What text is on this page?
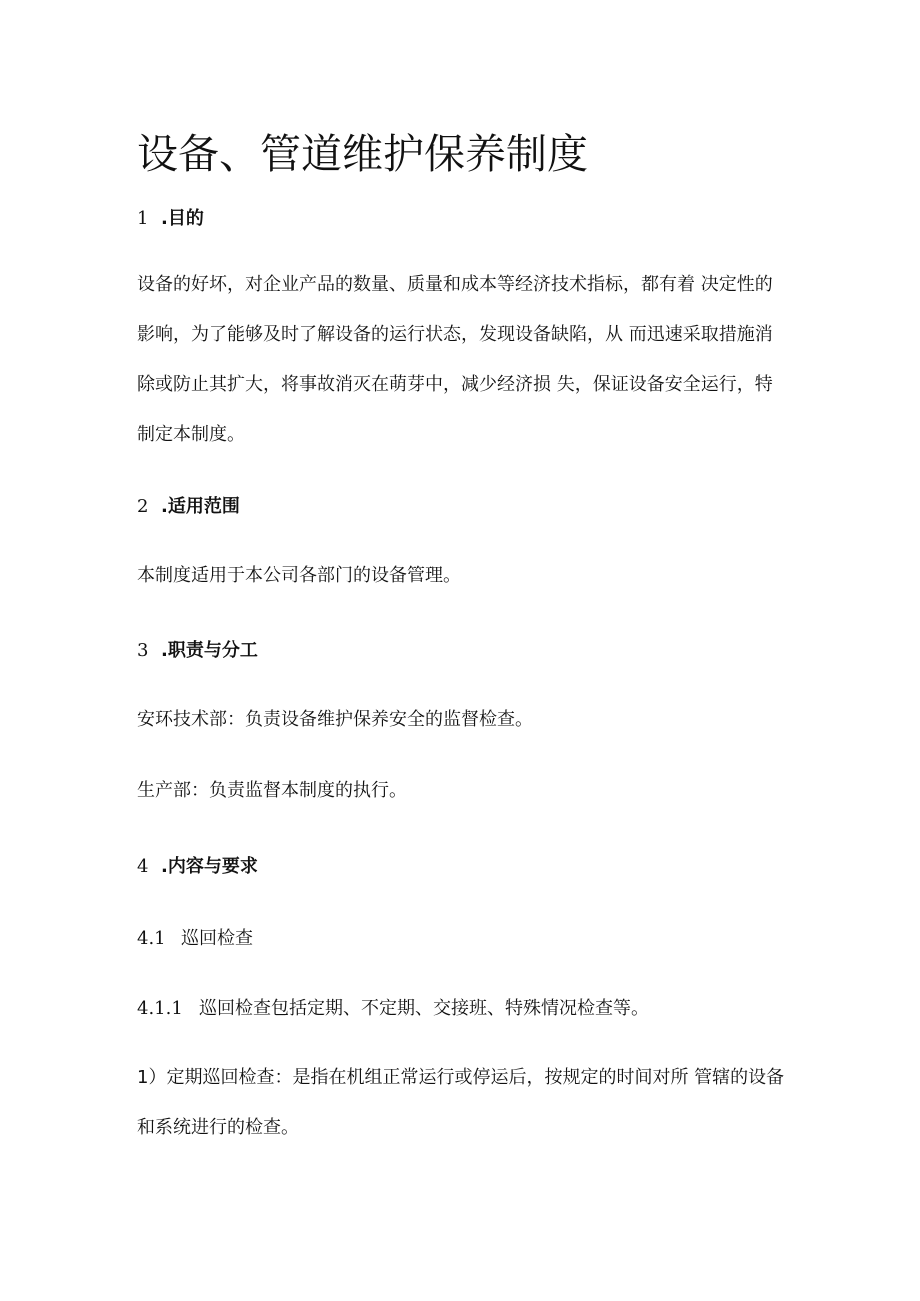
设备、管道维护保养制度
1 .目的

设备的好坏，对企业产品的数量、质量和成本等经济技术指标，都有着 决定性的影响，为了能够及时了解设备的运行状态，发现设备缺陷，从 而迅速采取措施消除或防止其扩大，将事故消灭在萌芽中，减少经济损 失，保证设备安全运行，特制定本制度。

2 .适用范围
本制度适用于本公司各部门的设备管理。
3 .职责与分工
安环技术部：负责设备维护保养安全的监督检查。
生产部：负责监督本制度的执行。
4 .内容与要求
4.1 巡回检查
4.1.1 巡回检查包括定期、不定期、交接班、特殊情况检查等。

1）定期巡回检查：是指在机组正常运行或停运后，按规定的时间对所 管辖的设备和系统进行的检查。
